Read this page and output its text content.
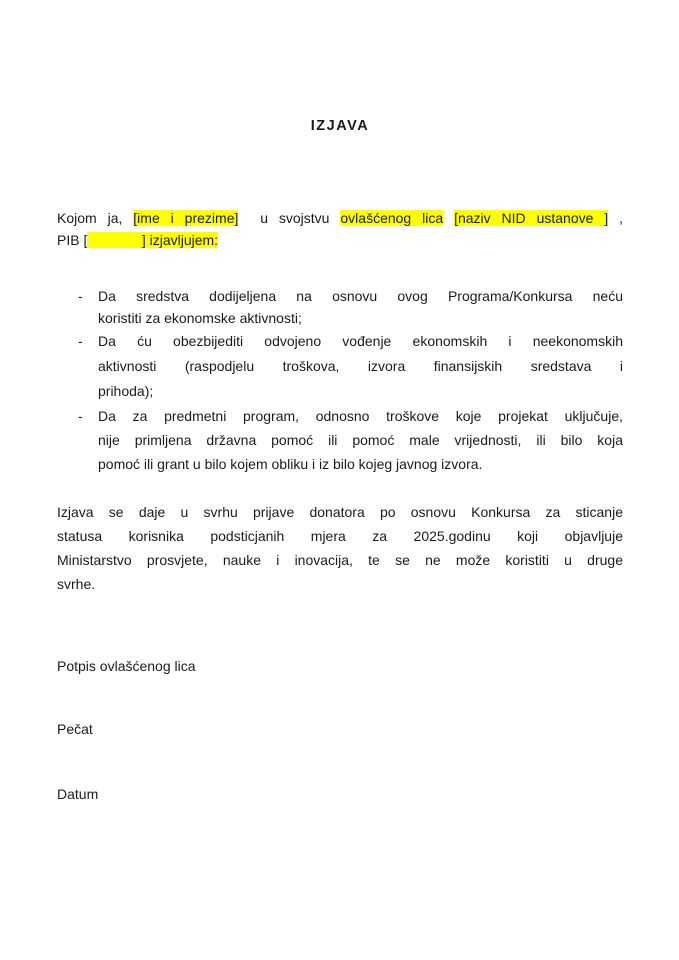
IZJAVA
Kojom ja, [ime i prezime]  u svojstvu ovlašćenog lica [naziv NID ustanove ] ,
PIB [	] izjavljujem:
- Da sredstva dodijeljena na osnovu ovog Programa/Konkursa neću
koristiti za ekonomske aktivnosti;
- Da ću obezbijediti odvojeno vođenje ekonomskih i neekonomskih
aktivnosti (raspodjelu troškova, izvora finansijskih sredstava i
prihoda);
- Da za predmetni program, odnosno troškove koje projekat uključuje,
nije primljena državna pomoć ili pomoć male vrijednosti, ili bilo koja
pomoć ili grant u bilo kojem obliku i iz bilo kojeg javnog izvora.
Izjava se daje u svrhu prijave donatora po osnovu Konkursa za sticanje
statusa korisnika podsticjanih mjera za 2025.godinu koji objavljuje
Ministarstvo prosvjete, nauke i inovacija, te se ne može koristiti u druge
svrhe.
Potpis ovlašćenog lica
Pečat
Datum
